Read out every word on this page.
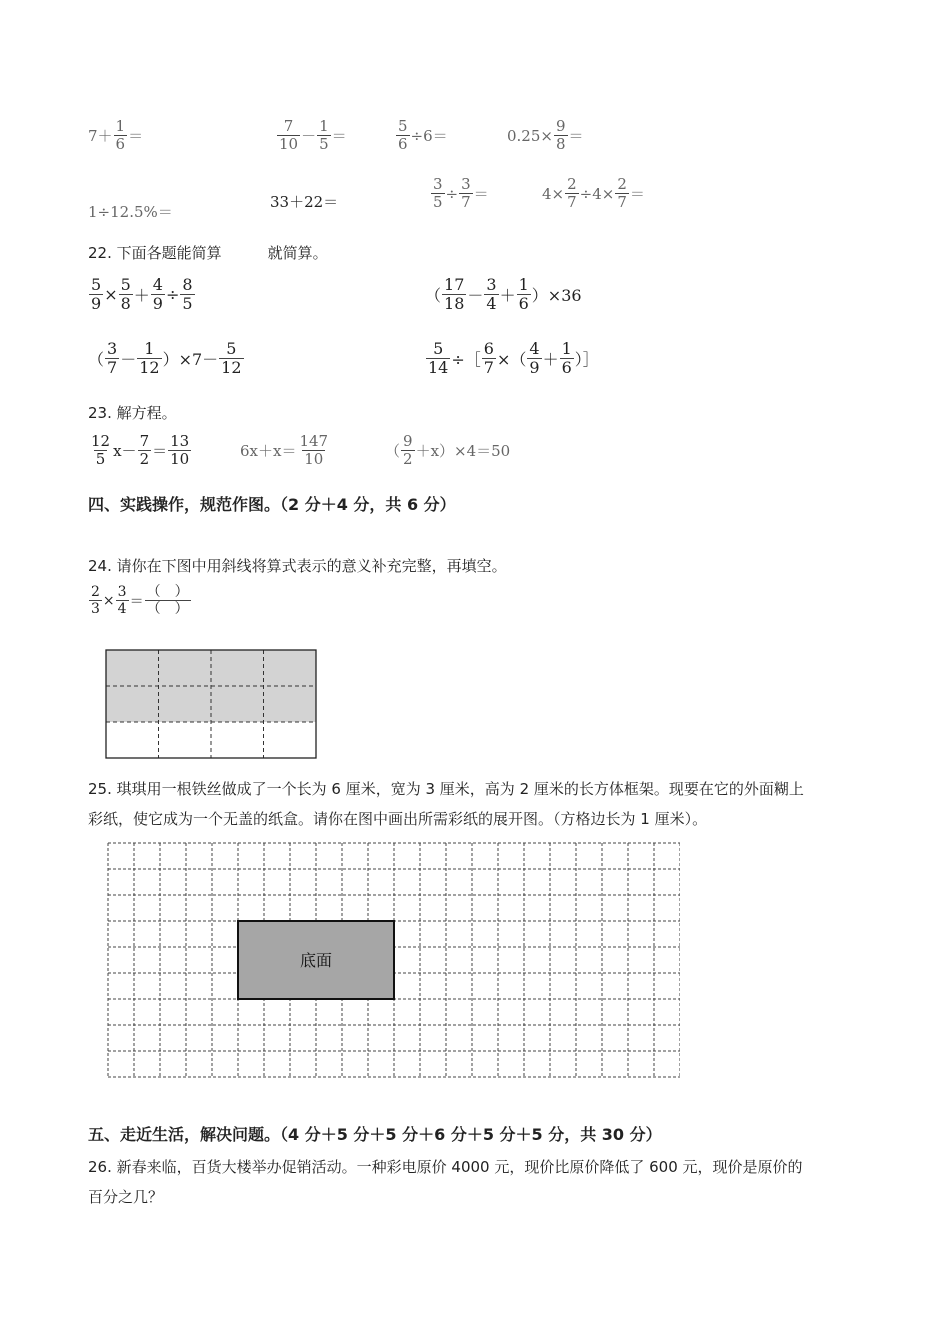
$7+ \frac{1}{6}$ ＝	$\frac{7}{10} - \frac{1}{5}$ ＝	$\frac{5}{6} \div 6=$	$0.25\times \frac{9}{8}$ ＝
1÷12.5%＝
33＋22＝	$\frac{3}{5} \div \frac{3}{7}$ ＝	$4\times \frac{2}{7} \div 4\times \frac{2}{7}$ ＝
22. 下面各题能简算	就简算。
$\frac{5}{9} \times \frac{5}{8} + \frac{4}{9} \div \frac{8}{5}$	（ $\frac{17}{18} - \frac{3}{4} + \frac{1}{6} )\times 36$
（ $\frac{3}{7} - \frac{1}{12} )\times 7- \frac{5}{12}$	$\frac{5}{14}$ ÷［ $\frac{6}{7}$ ×（ $\frac{4}{9} + \frac{1}{6}$ ）］
23. 解方程。
$\frac{12}{5} x- \frac{7}{2} = \frac{13}{10}$	$6x+x= \frac{147}{10}$	（ $\frac{9}{2} +x)\times 4=50$
四、实践操作，规范作图。（2 分＋4 分，共 6 分）
24. 请你在下图中用斜线将算式表示的意义补充完整，再填空。
$\frac{2}{3} \times \frac{3}{4} = \frac{( )}{( )}$
25. 琪琪用一根铁丝做成了一个长为 6 厘米，宽为 3 厘米，高为 2 厘米的长方体框架。现要在它的外面糊上
彩纸，使它成为一个无盖的纸盒。请你在图中画出所需彩纸的展开图。（方格边长为 1 厘米）。
底面
五、走近生活，解决问题。（4 分＋5 分＋5 分＋6 分＋5 分＋5 分，共 30 分）
26. 新春来临，百货大楼举办促销活动。一种彩电原价 4000 元，现价比原价降低了 600 元，现价是原价的
百分之几？
